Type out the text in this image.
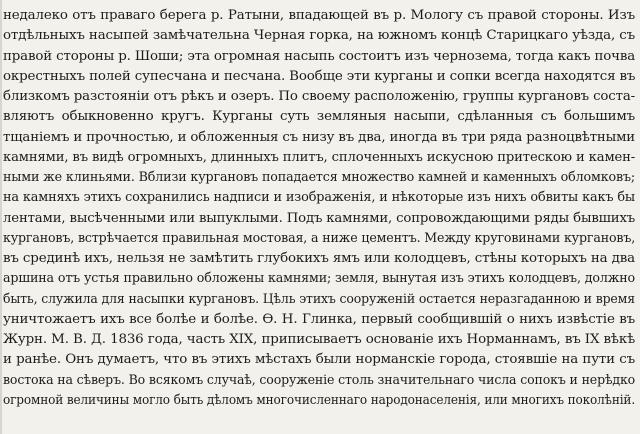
недалеко отъ праваго берега р. Ратыни, впадающей въ р. Мологу съ правой стороны. Изъ
отдѣльныхъ насыпей замѣчательна Черная горка, на южномъ концѣ Старицкаго уѣзда, съ
правой стороны р. Шоши; эта огромная насыпь состоитъ изъ чернозема, тогда какъ почва
окрестныхъ полей супесчана и песчана. Вообще эти курганы и сопки всегда находятся въ
близкомъ разстояніи отъ рѣкъ и озеръ. По своему расположенію, группы кургановъ соста-
вляютъ обыкновенно кругъ. Курганы суть земляныя насыпи, сдѣланныя съ большимъ
тщаніемъ и прочностью, и обложенныя съ низу въ два, иногда въ три ряда разноцвѣтными
камнями, въ видѣ огромныхъ, длинныхъ плитъ, сплоченныхъ искусною притескою и камен-
ными же клиньями. Вблизи кургановъ попадается множество камней и каменныхъ обломковъ;
на камняхъ этихъ сохранились надписи и изображенія, и нѣкоторые изъ нихъ обвиты какъ бы
лентами, высѣченными или выпуклыми. Подъ камнями, сопровождающими ряды бывшихъ
кургановъ, встрѣчается правильная мостовая, а ниже цементъ. Между круговинами кургановъ,
въ срединѣ ихъ, нельзя не замѣтить глубокихъ ямъ или колодцевъ, стѣны которыхъ на два
аршина отъ устья правильно обложены камнями; земля, вынутая изъ этихъ колодцевъ, должно
быть, служила для насыпки кургановъ. Цѣль этихъ сооруженій остается неразгаданною и время
уничтожаетъ ихъ все болѣе и болѣе. Ѳ. Н. Глинка, первый сообщившій о нихъ извѣстіе въ
Журн. М. В. Д. 1836 года, часть XIX, приписываетъ основаніе ихъ Норманнамъ, въ IX вѣкѣ
и ранѣе. Онъ думаетъ, что въ этихъ мѣстахъ были норманскіе города, стоявшіе на пути съ
востока на сѣверъ. Во всякомъ случаѣ, сооруженіе столь значительнаго числа сопокъ и нерѣдко
огромной величины могло быть дѣломъ многочисленнаго народонаселенія, или многихъ поколѣній.
